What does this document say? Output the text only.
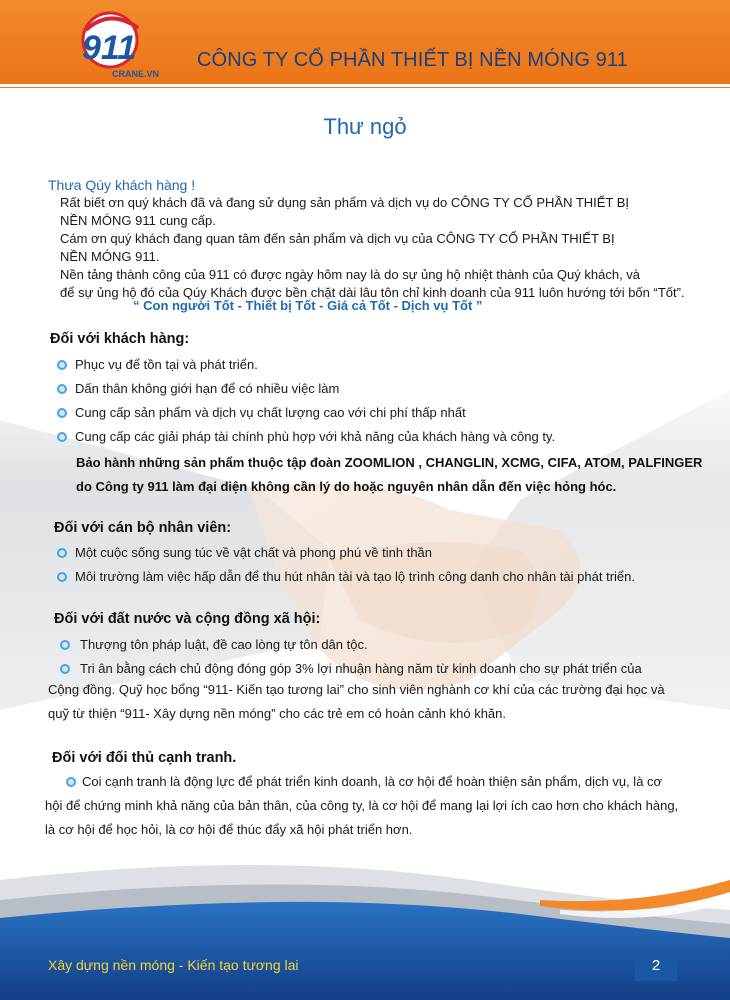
911
CRANE.VN
CÔNG TY CỔ PHẦN THIẾT BỊ NỀN MÓNG 911
Thư ngỏ
Thưa Qúy khách hàng !

Rất biết ơn quý khách đã và đang sử dụng sản phẩm và dịch vụ do CÔNG TY CỔ PHẦN THIẾT BỊ

NỀN MÓNG 911 cung cấp.

Cám ơn quý khách đang quan tâm đến sản phẩm và dịch vụ của CÔNG TY CỔ PHẦN THIẾT BỊ

NỀN MÓNG 911.

Nền tảng thành công của 911 có được ngày hôm nay là do sự ủng hộ nhiệt thành của Quý khách, và

để sự ủng hộ đó của Qúy Khách được bền chặt dài lâu tôn chỉ kinh doanh của 911 luôn hướng tới bốn “Tốt”.

“ Con người Tốt - Thiết bị Tốt - Giá cả Tốt - Dịch vụ Tốt ”
Đối với khách hàng:
Phục vụ để tồn tại và phát triển.
Dấn thân không giới hạn để có nhiều việc làm
Cung cấp sản phẩm và dịch vụ chất lượng cao với chi phí thấp nhất
Cung cấp các giải pháp tài chính phù hợp với khả năng của khách hàng và công ty.
Bảo hành những sản phẩm thuộc tập đoàn ZOOMLION , CHANGLIN, XCMG, CIFA, ATOM, PALFINGER
do Công ty 911 làm đại diện không cần lý do hoặc nguyên nhân dẫn đến việc hỏng hóc.
Đối với cán bộ nhân viên:
Một cuộc sống sung túc về vật chất và phong phú về tinh thần
Môi trường làm việc hấp dẫn để thu hút nhân tài và tạo lộ trình công danh cho nhân tài phát triển.
Đối với đất nước và cộng đồng xã hội:
Thượng tôn pháp luật, đề cao lòng tự tôn dân tộc.
Tri ân bằng cách chủ động đóng góp 3% lợi nhuận hàng năm từ kinh doanh cho sự phát triển của
Cộng đồng. Quỹ học bổng “911- Kiến tạo tương lai” cho sinh viên nghành cơ khí của các trường đại học và
quỹ từ thiện “911- Xây dựng nền móng” cho các trẻ em có hoàn cảnh khó khăn.
Đối với đối thủ cạnh tranh.
Coi cạnh tranh là động lực để phát triển kinh doanh, là cơ hội để hoàn thiện sản phẩm, dịch vụ, là cơ
hội để chứng minh khả năng của bản thân, của công ty, là cơ hội để mang lại lợi ích cao hơn cho khách hàng,
là cơ hội để học hỏi, là cơ hội để thúc đẩy xã hội phát triển hơn.
Xây dựng nền móng - Kiến tạo tương lai	2
